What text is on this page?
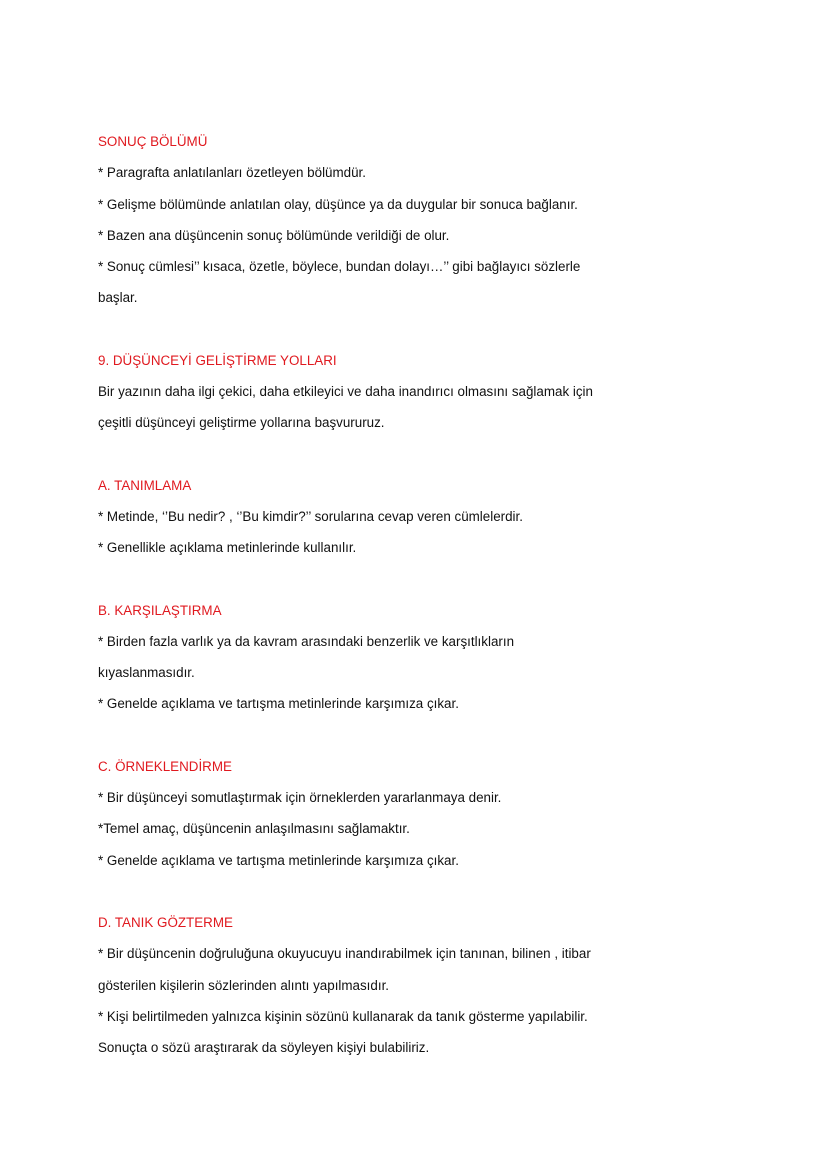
SONUÇ BÖLÜMÜ
* Paragrafta anlatılanları özetleyen bölümdür.
* Gelişme bölümünde anlatılan olay, düşünce ya da duygular bir sonuca bağlanır.
* Bazen ana düşüncenin sonuç bölümünde verildiği de olur.
* Sonuç cümlesi’’ kısaca, özetle, böylece, bundan dolayı…’’ gibi bağlayıcı sözlerle
başlar.
9. DÜŞÜNCEYİ GELİŞTİRME YOLLARI
Bir yazının daha ilgi çekici, daha etkileyici ve daha inandırıcı olmasını sağlamak için
çeşitli düşünceyi geliştirme yollarına başvururuz.
A. TANIMLAMA
* Metinde, ‘’Bu nedir? , ‘’Bu kimdir?’’ sorularına cevap veren cümlelerdir.
* Genellikle açıklama metinlerinde kullanılır.
B. KARŞILAŞTIRMA
* Birden fazla varlık ya da kavram arasındaki benzerlik ve karşıtlıkların
kıyaslanmasıdır.
* Genelde açıklama ve tartışma metinlerinde karşımıza çıkar.
C. ÖRNEKLENDİRME
* Bir düşünceyi somutlaştırmak için örneklerden yararlanmaya denir.
*Temel amaç, düşüncenin anlaşılmasını sağlamaktır.
* Genelde açıklama ve tartışma metinlerinde karşımıza çıkar.
D. TANIK GÖZTERME
* Bir düşüncenin doğruluğuna okuyucuyu inandırabilmek için tanınan, bilinen , itibar
gösterilen kişilerin sözlerinden alıntı yapılmasıdır.
* Kişi belirtilmeden yalnızca kişinin sözünü kullanarak da tanık gösterme yapılabilir.
Sonuçta o sözü araştırarak da söyleyen kişiyi bulabiliriz.
